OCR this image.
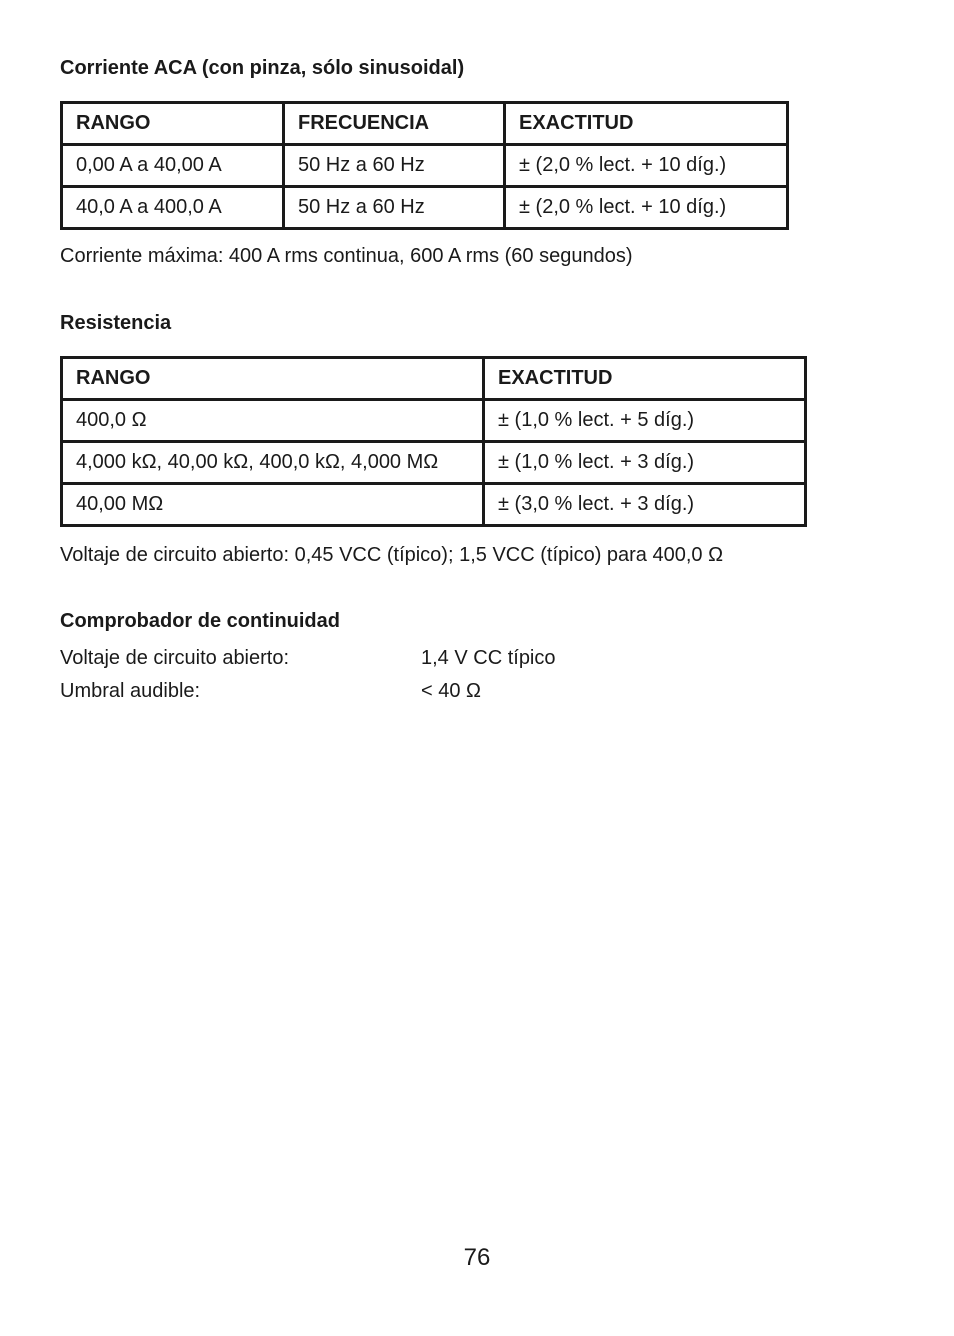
Corriente ACA (con pinza, sólo sinusoidal)
RANGO	FRECUENCIA	EXACTITUD
0,00 A a 40,00 A	50 Hz a 60 Hz	± (2,0 % lect. + 10 díg.)
40,0 A a 400,0 A	50 Hz a 60 Hz	± (2,0 % lect. + 10 díg.)

Corriente máxima: 400 A rms continua, 600 A rms (60 segundos)

Resistencia
RANGO	EXACTITUD
400,0 Ω	± (1,0 % lect. + 5 díg.)
4,000 kΩ, 40,00 kΩ, 400,0 kΩ, 4,000 MΩ	± (1,0 % lect. + 3 díg.)
40,00 MΩ	± (3,0 % lect. + 3 díg.)

Voltaje de circuito abierto: 0,45 VCC (típico); 1,5 VCC (típico) para 400,0 Ω

Comprobador de continuidad
Voltaje de circuito abierto:	1,4 V CC típico
Umbral audible:	< 40 Ω
76
